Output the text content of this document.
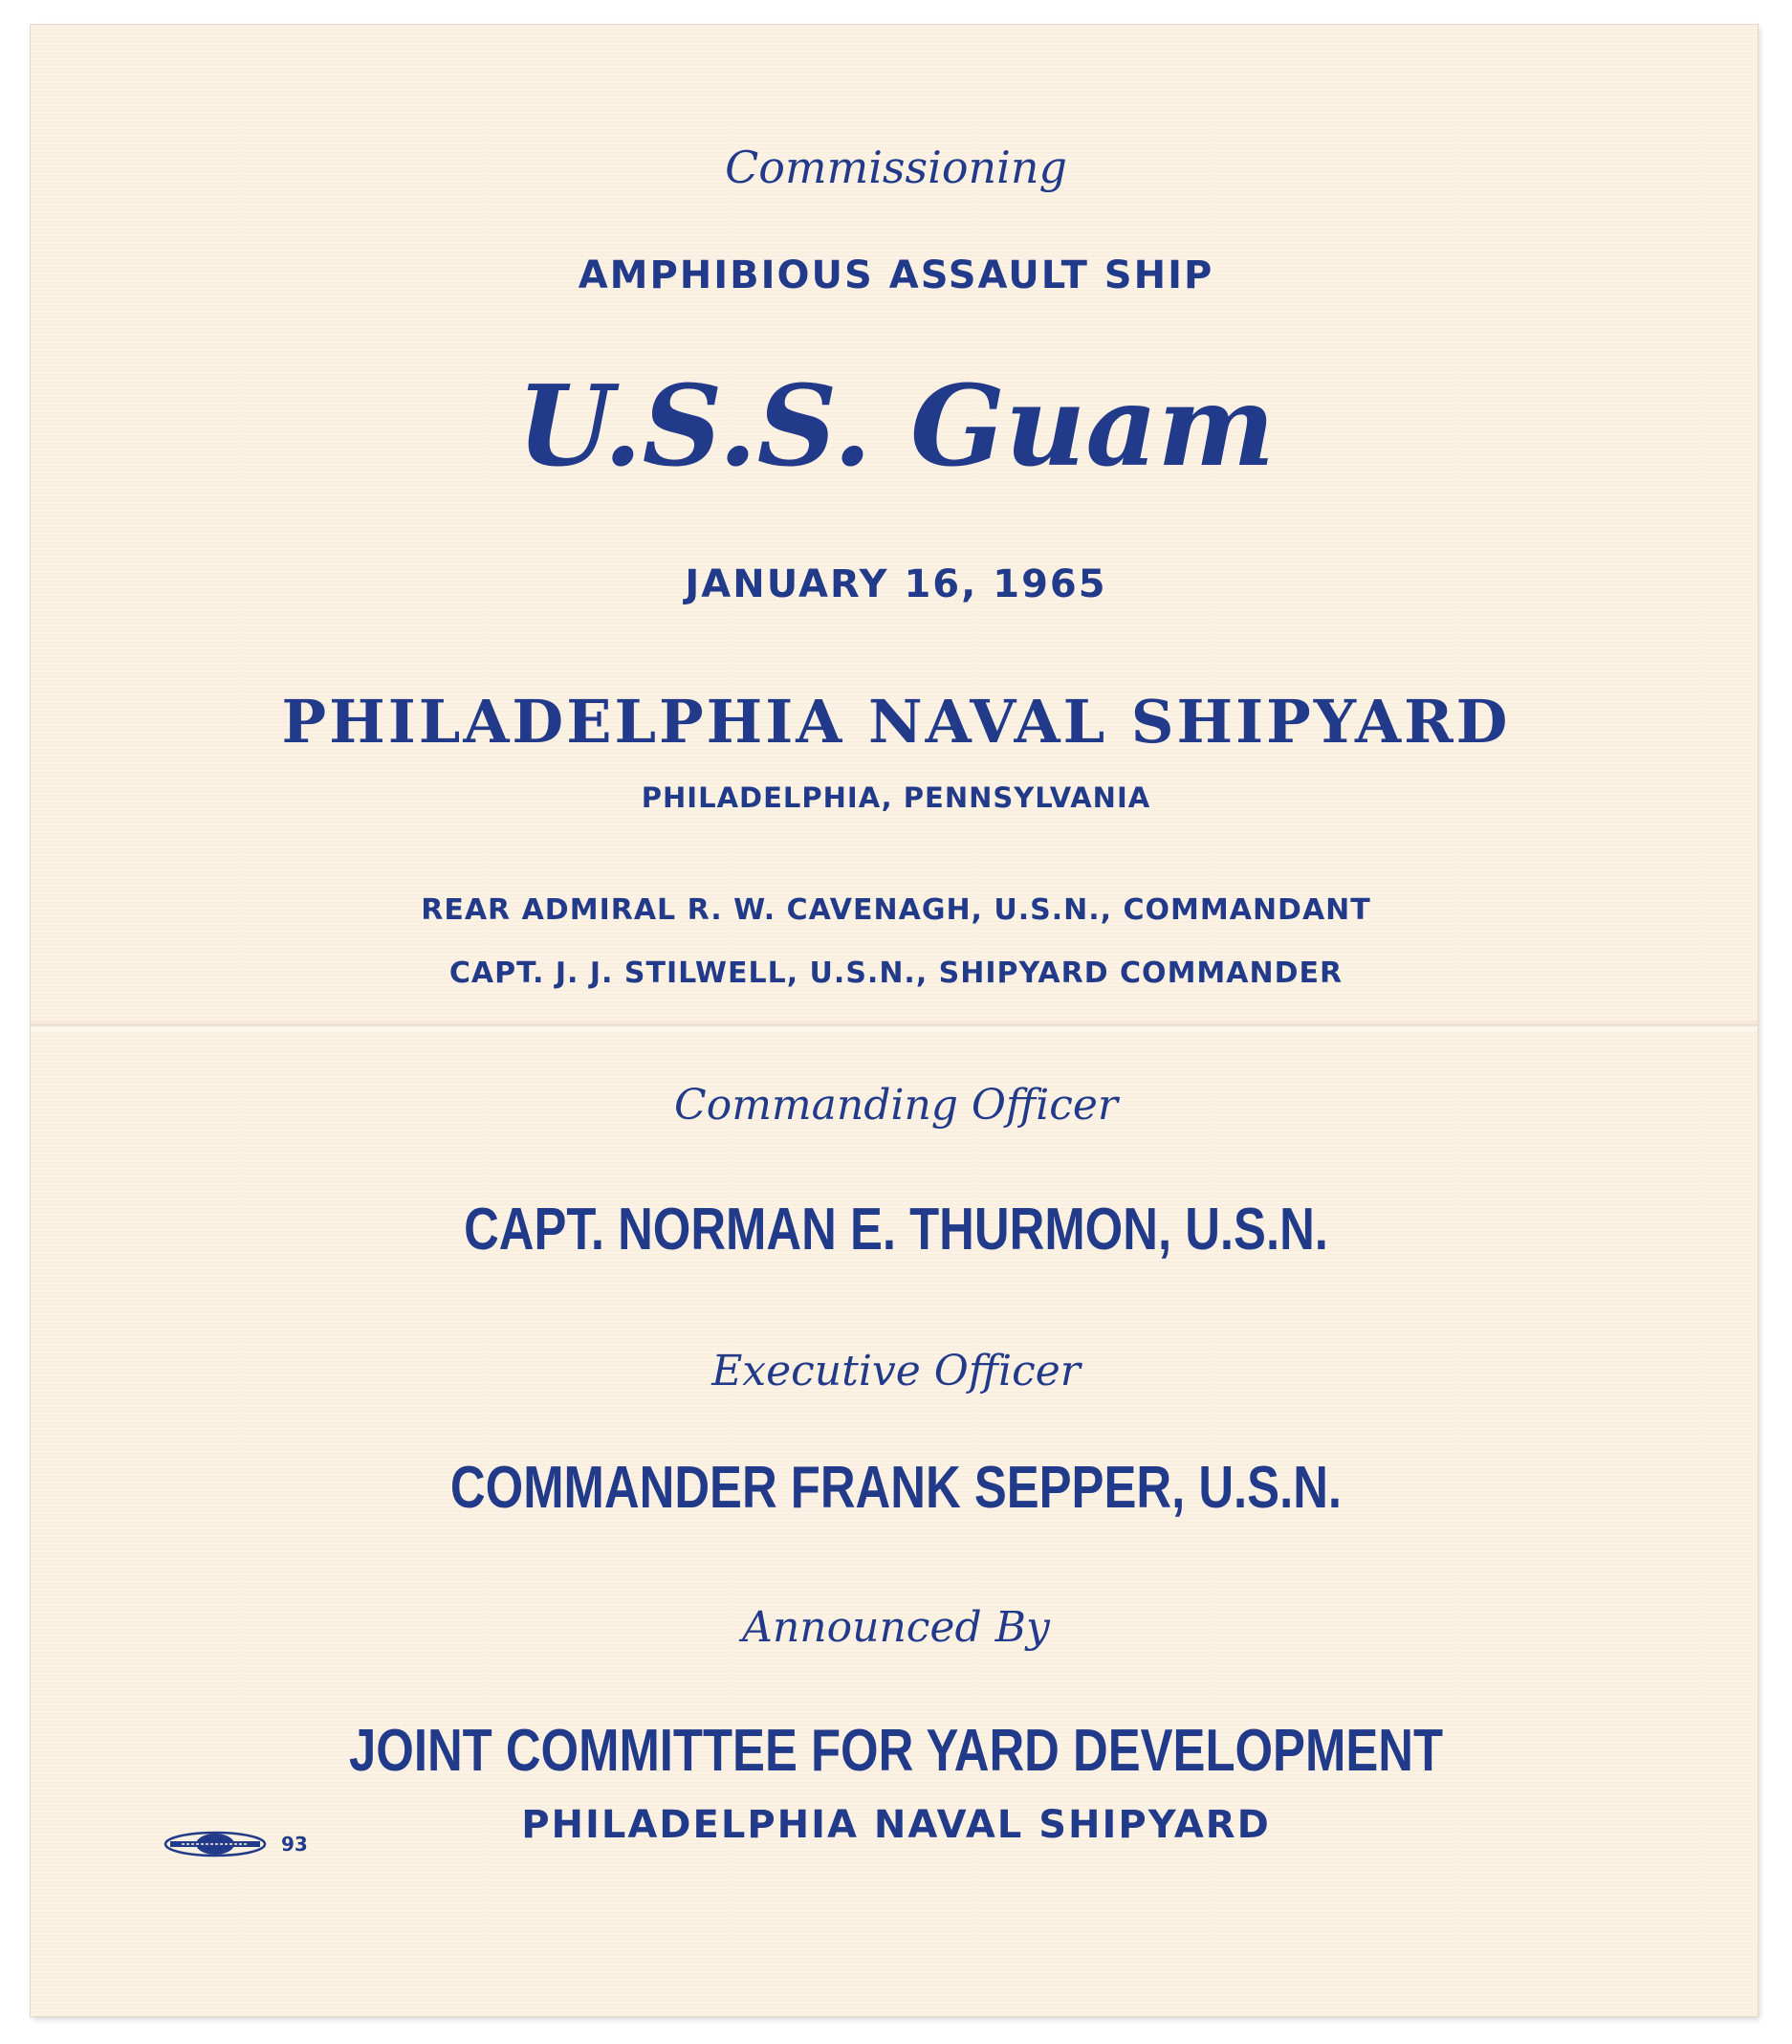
Commissioning
AMPHIBIOUS ASSAULT SHIP
U.S.S. Guam
JANUARY 16, 1965
PHILADELPHIA NAVAL SHIPYARD
PHILADELPHIA, PENNSYLVANIA
REAR ADMIRAL R. W. CAVENAGH, U.S.N., COMMANDANT
CAPT. J. J. STILWELL, U.S.N., SHIPYARD COMMANDER
Commanding Officer
CAPT. NORMAN E. THURMON, U.S.N.
Executive Officer
COMMANDER FRANK SEPPER, U.S.N.
Announced By
JOINT COMMITTEE FOR YARD DEVELOPMENT
PHILADELPHIA NAVAL SHIPYARD
93
